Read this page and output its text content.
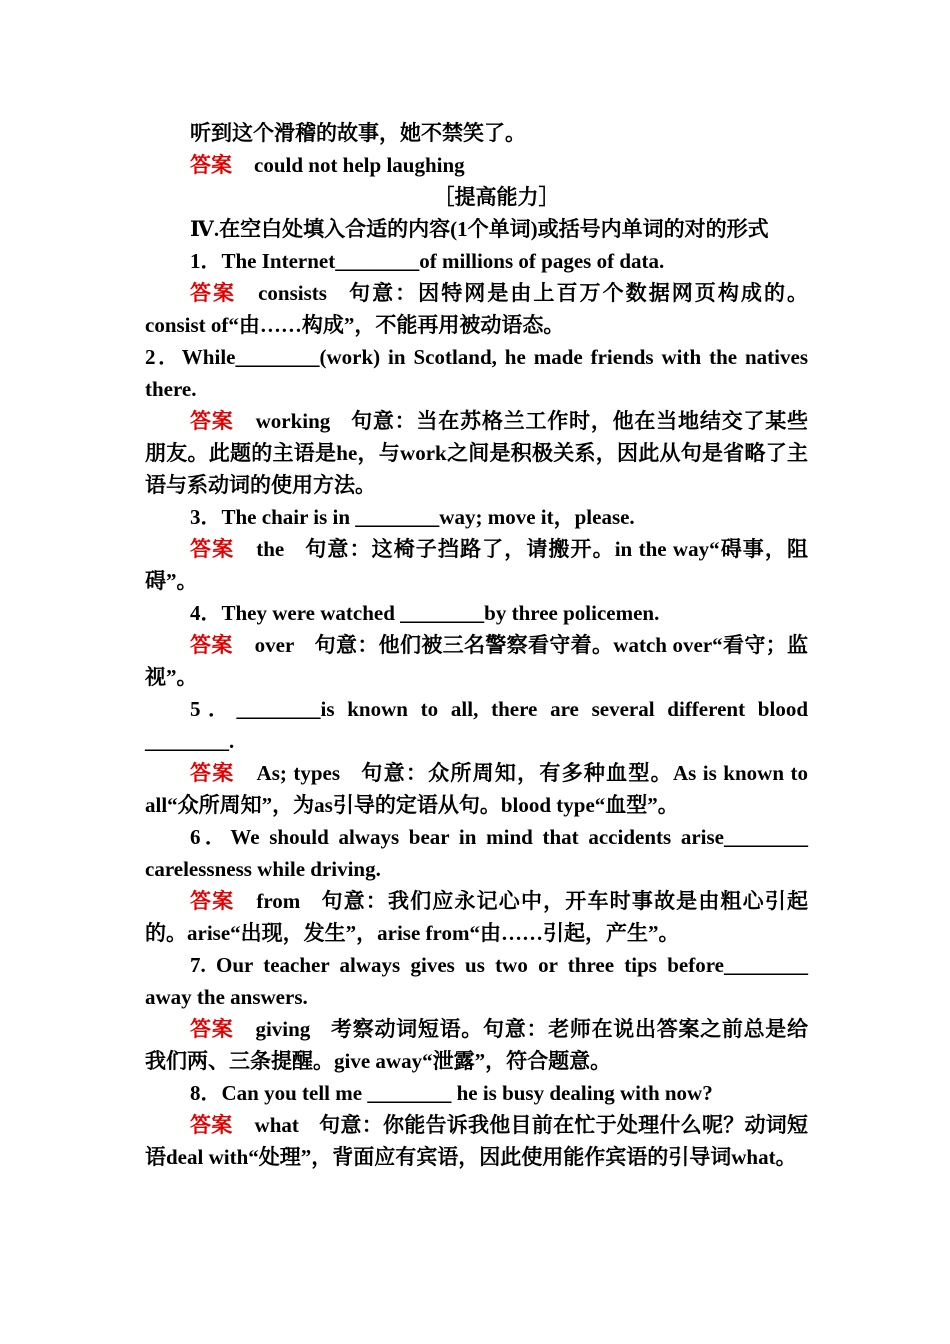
听到这个滑稽的故事，她不禁笑了。

答案 could not help laughing

［提高能力］

Ⅳ.在空白处填入合适的内容(1个单词)或括号内单词的对的形式

1．The Internet________of millions of pages of data.

答案 consists 句意：因特网是由上百万个数据网页构成的。consist of“由……构成”，不能再用被动语态。

2．While________(work) in Scotland, he made friends with the natives there.

答案 working 句意：当在苏格兰工作时，他在当地结交了某些朋友。此题的主语是he，与work之间是积极关系，因此从句是省略了主语与系动词的使用方法。

3．The chair is in ________way; move it，please.

答案 the 句意：这椅子挡路了，请搬开。in the way“碍事，阻碍”。

4．They were watched ________by three policemen.

答案 over 句意：他们被三名警察看守着。watch over“看守；监视”。

5．________is known to all, there are several different blood ________.

答案 As; types 句意：众所周知，有多种血型。As is known to all“众所周知”，为as引导的定语从句。blood type“血型”。

6．We should always bear in mind that accidents arise________ carelessness while driving.

答案 from 句意：我们应永记心中，开车时事故是由粗心引起的。arise“出现，发生”，arise from“由……引起，产生”。

7. Our teacher always gives us two or three tips before________ away the answers.

答案 giving 考察动词短语。句意：老师在说出答案之前总是给我们两、三条提醒。give away“泄露”，符合题意。

8．Can you tell me ________ he is busy dealing with now?

答案 what 句意：你能告诉我他目前在忙于处理什么呢？动词短语deal with“处理”，背面应有宾语，因此使用能作宾语的引导词what。
